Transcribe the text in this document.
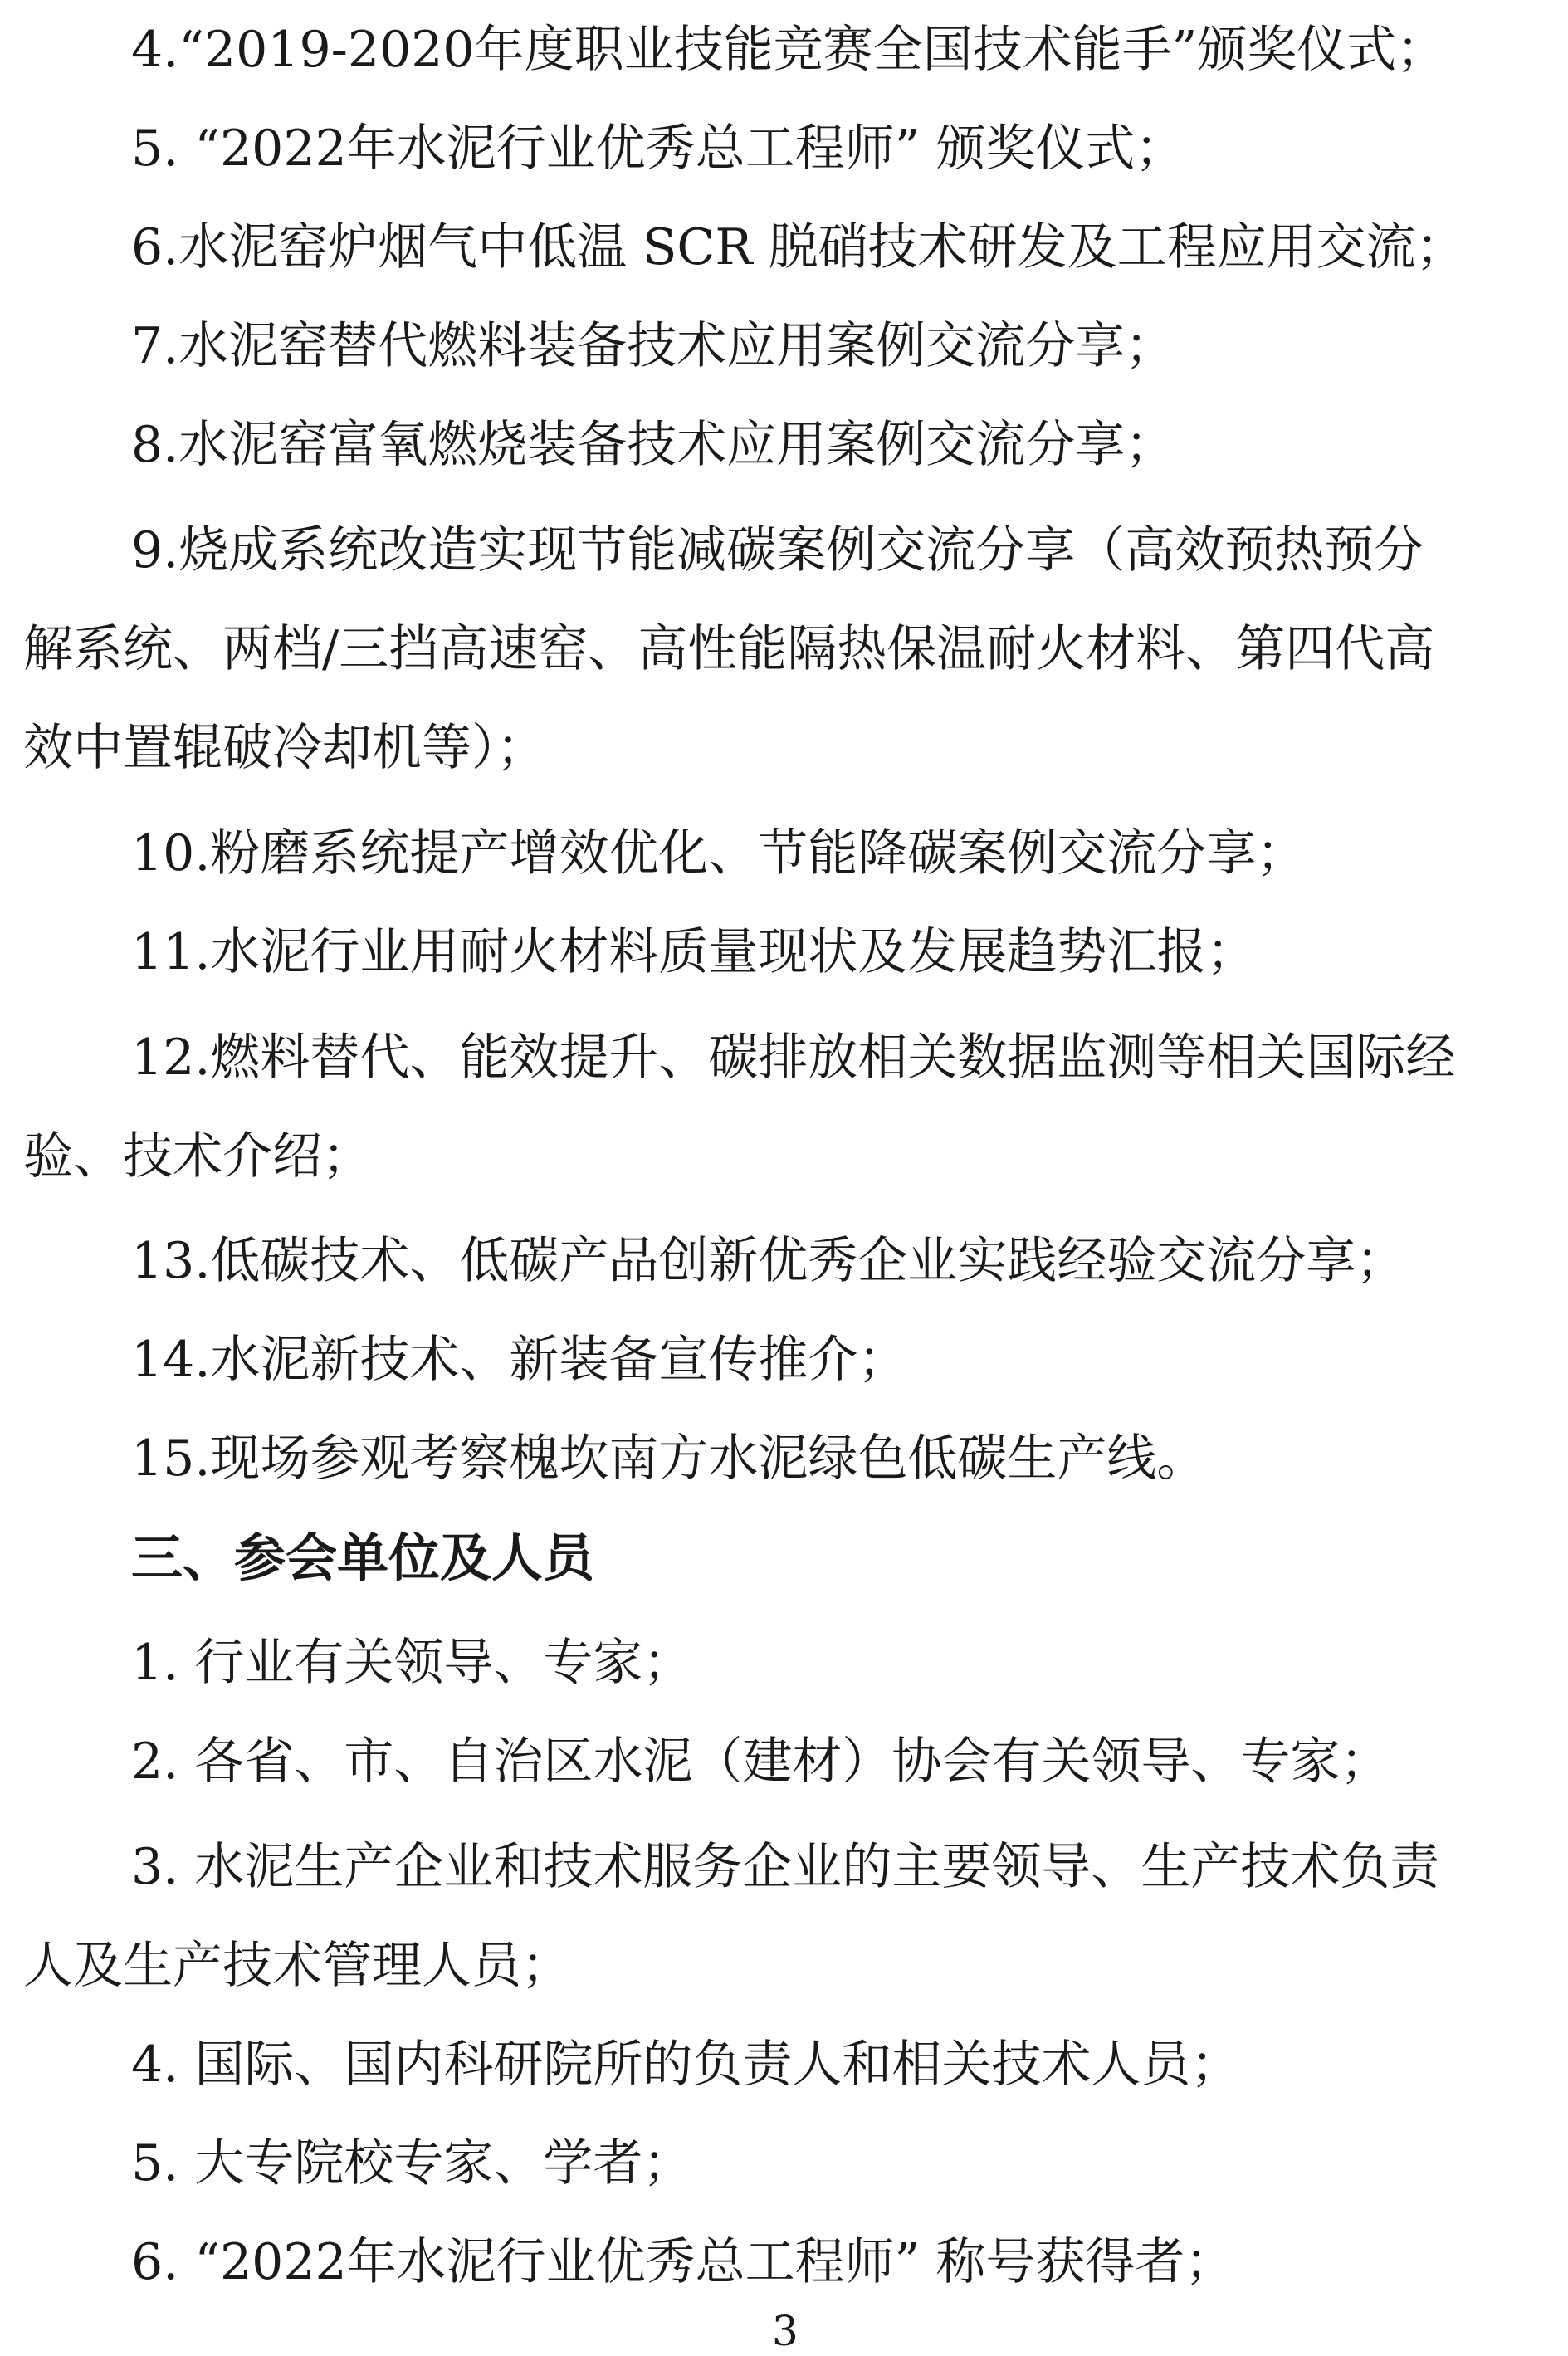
4.“2019-2020年度职业技能竞赛全国技术能手”颁奖仪式；
5. “2022年水泥行业优秀总工程师” 颁奖仪式；
6.水泥窑炉烟气中低温 SCR 脱硝技术研发及工程应用交流；
7.水泥窑替代燃料装备技术应用案例交流分享；
8.水泥窑富氧燃烧装备技术应用案例交流分享；
9.烧成系统改造实现节能减碳案例交流分享（高效预热预分
解系统、两档/三挡高速窑、高性能隔热保温耐火材料、第四代高
效中置辊破冷却机等）；
10.粉磨系统提产增效优化、节能降碳案例交流分享；
11.水泥行业用耐火材料质量现状及发展趋势汇报；
12.燃料替代、能效提升、碳排放相关数据监测等相关国际经
验、技术介绍；
13.低碳技术、低碳产品创新优秀企业实践经验交流分享；
14.水泥新技术、新装备宣传推介；
15.现场参观考察槐坎南方水泥绿色低碳生产线。
三、参会单位及人员
1. 行业有关领导、专家；
2. 各省、市、自治区水泥（建材）协会有关领导、专家；
3. 水泥生产企业和技术服务企业的主要领导、生产技术负责
人及生产技术管理人员；
4. 国际、国内科研院所的负责人和相关技术人员；
5. 大专院校专家、学者；
6. “2022年水泥行业优秀总工程师” 称号获得者；
3
